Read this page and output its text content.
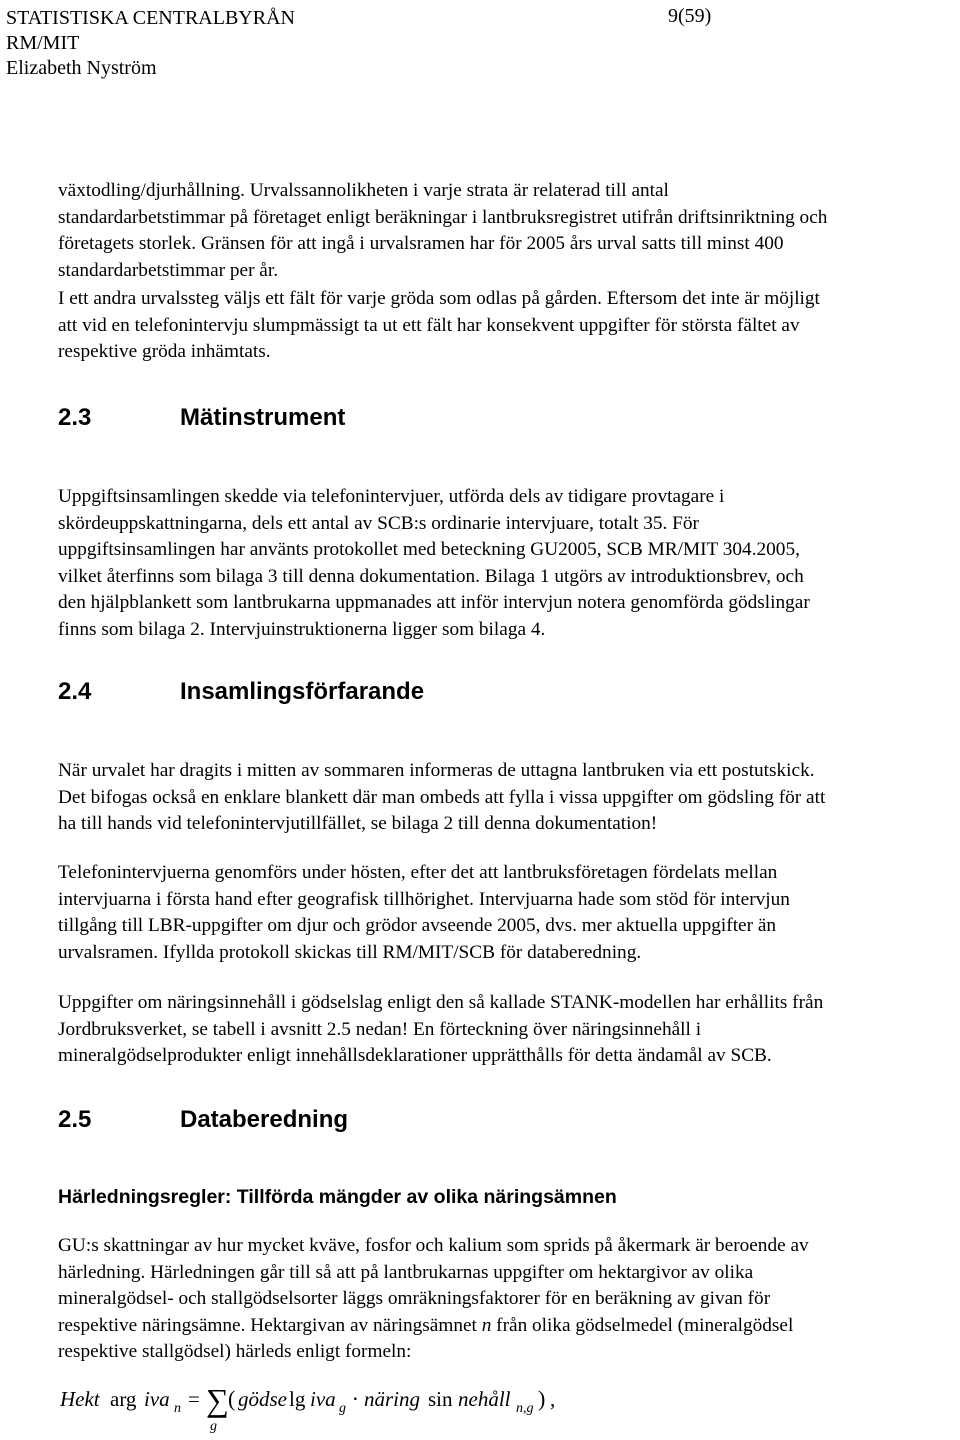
STATISTISKA CENTRALBYRÅN	9(59)
RM/MIT
Elizabeth Nyström
växtodling/djurhållning. Urvalssannolikheten i varje strata är relaterad till antal
standardarbetstimmar på företaget enligt beräkningar i lantbruksregistret utifrån driftsinriktning och
företagets storlek. Gränsen för att ingå i urvalsramen har för 2005 års urval satts till minst 400
standardarbetstimmar per år.
I ett andra urvalssteg väljs ett fält för varje gröda som odlas på gården. Eftersom det inte är möjligt
att vid en telefonintervju slumpmässigt ta ut ett fält har konsekvent uppgifter för största fältet av
respektive gröda inhämtats.
2.3	Mätinstrument
Uppgiftsinsamlingen skedde via telefonintervjuer, utförda dels av tidigare provtagare i
skördeuppskattningarna, dels ett antal av SCB:s ordinarie intervjuare, totalt 35. För
uppgiftsinsamlingen har använts protokollet med beteckning GU2005, SCB MR/MIT 304.2005,
vilket återfinns som bilaga 3 till denna dokumentation. Bilaga 1 utgörs av introduktionsbrev, och
den hjälpblankett som lantbrukarna uppmanades att inför intervjun notera genomförda gödslingar
finns som bilaga 2. Intervjuinstruktionerna ligger som bilaga 4.
2.4	Insamlingsförfarande
När urvalet har dragits i mitten av sommaren informeras de uttagna lantbruken via ett postutskick.
Det bifogas också en enklare blankett där man ombeds att fylla i vissa uppgifter om gödsling för att
ha till hands vid telefonintervjutillfället, se bilaga 2 till denna dokumentation!
Telefonintervjuerna genomförs under hösten, efter det att lantbruksföretagen fördelats mellan
intervjuarna i första hand efter geografisk tillhörighet. Intervjuarna hade som stöd för intervjun
tillgång till LBR-uppgifter om djur och grödor avseende 2005, dvs. mer aktuella uppgifter än
urvalsramen. Ifyllda protokoll skickas till RM/MIT/SCB för databeredning.
Uppgifter om näringsinnehåll i gödselslag enligt den så kallade STANK-modellen har erhållits från
Jordbruksverket, se tabell i avsnitt 2.5 nedan! En förteckning över näringsinnehåll i
mineralgödselprodukter enligt innehållsdeklarationer upprätthålls för detta ändamål av SCB.
2.5	Databeredning
Härledningsregler: Tillförda mängder av olika näringsämnen
GU:s skattningar av hur mycket kväve, fosfor och kalium som sprids på åkermark är beroende av
härledning. Härledningen går till så att på lantbrukarnas uppgifter om hektargivor av olika
mineralgödsel- och stallgödselsorter läggs omräkningsfaktorer för en beräkning av givan för
respektive näringsämne. Hektargivan av näringsämnet n från olika gödselmedel (mineralgödsel
respektive stallgödsel) härleds enligt formeln:
Hekt arg iva n = ∑
g
( gödse lg iva g ⋅ näring sin nehåll n,g ) ,
